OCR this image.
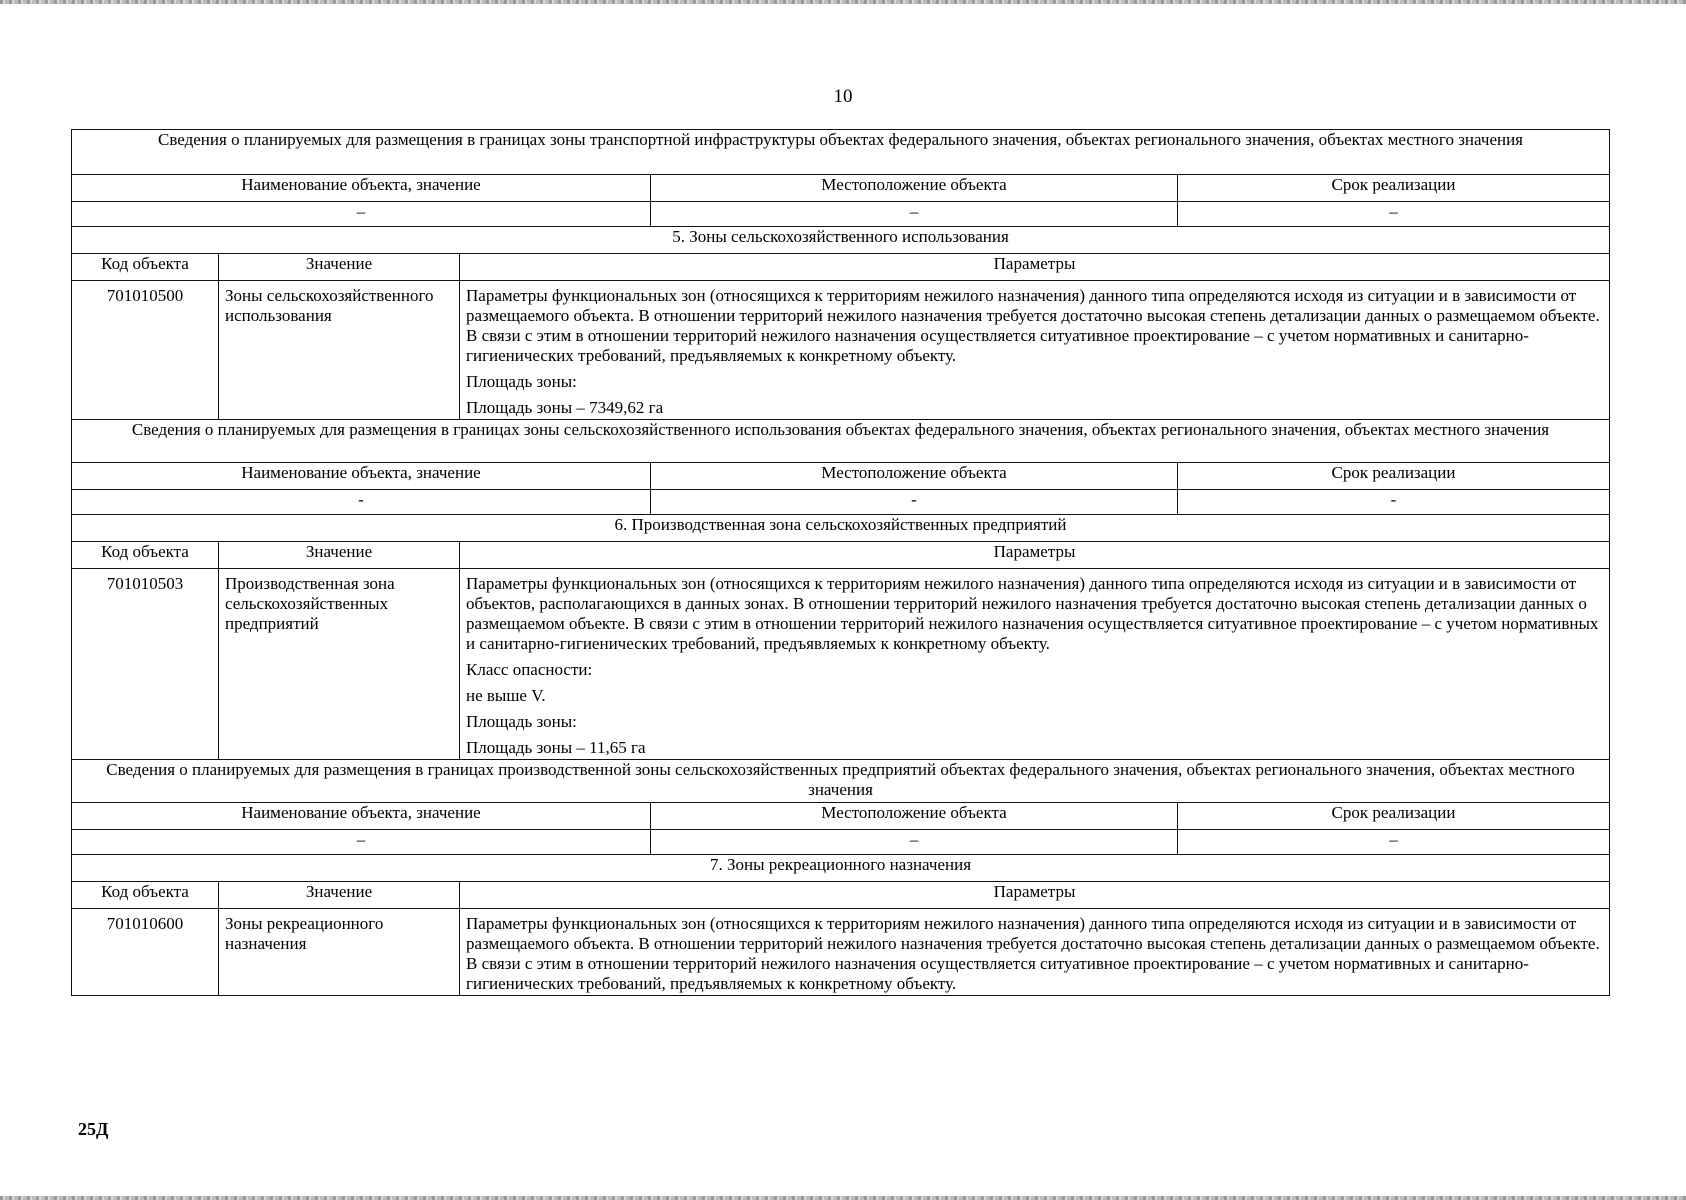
10
Сведения о планируемых для размещения в границах зоны транспортной инфраструктуры объектах федерального значения, объектах регионального значения, объектах местного значения				
Наименование объекта, значение			Местоположение объекта	Срок реализации
–			–	–
5. Зоны сельскохозяйственного использования				
Код объекта	Значение	Параметры		
701010500	Зоны сельскохозяйственного использования	Параметры функциональных зон (относящихся к территориям нежилого назначения) данного типа определяются исходя из ситуации и в зависимости от размещаемого объекта. В отношении территорий нежилого назначения требуется достаточно высокая степень детализации данных о размещаемом объекте. В связи с этим в отношении территорий нежилого назначения осуществляется ситуативное проектирование – с учетом нормативных и санитарно-гигиенических требований, предъявляемых к конкретному объекту.

Площадь зоны:

Площадь зоны – 7349,62 га		

Сведения о планируемых для размещения в границах зоны сельскохозяйственного использования объектах федерального значения, объектах регионального значения, объектах местного значения				
Наименование объекта, значение			Местоположение объекта	Срок реализации
-			-	-
6. Производственная зона сельскохозяйственных предприятий				
Код объекта	Значение	Параметры		
701010503	Производственная зона сельскохозяйственных предприятий	Параметры функциональных зон (относящихся к территориям нежилого назначения) данного типа определяются исходя из ситуации и в зависимости от объектов, располагающихся в данных зонах. В отношении территорий нежилого назначения требуется достаточно высокая степень детализации данных о размещаемом объекте. В связи с этим в отношении территорий нежилого назначения осуществляется ситуативное проектирование – с учетом нормативных и санитарно-гигиенических требований, предъявляемых к конкретному объекту.

Класс опасности:

не выше V.

Площадь зоны:

Площадь зоны – 11,65 га		

Сведения о планируемых для размещения в границах производственной зоны сельскохозяйственных предприятий объектах федерального значения, объектах регионального значения, объектах местного значения				
Наименование объекта, значение			Местоположение объекта	Срок реализации
–			–	–
7. Зоны рекреационного назначения				
Код объекта	Значение	Параметры		
701010600	Зоны рекреационного назначения	Параметры функциональных зон (относящихся к территориям нежилого назначения) данного типа определяются исходя из ситуации и в зависимости от размещаемого объекта. В отношении территорий нежилого назначения требуется достаточно высокая степень детализации данных о размещаемом объекте. В связи с этим в отношении территорий нежилого назначения осуществляется ситуативное проектирование – с учетом нормативных и санитарно-гигиенических требований, предъявляемых к конкретному объекту.		

25Д
